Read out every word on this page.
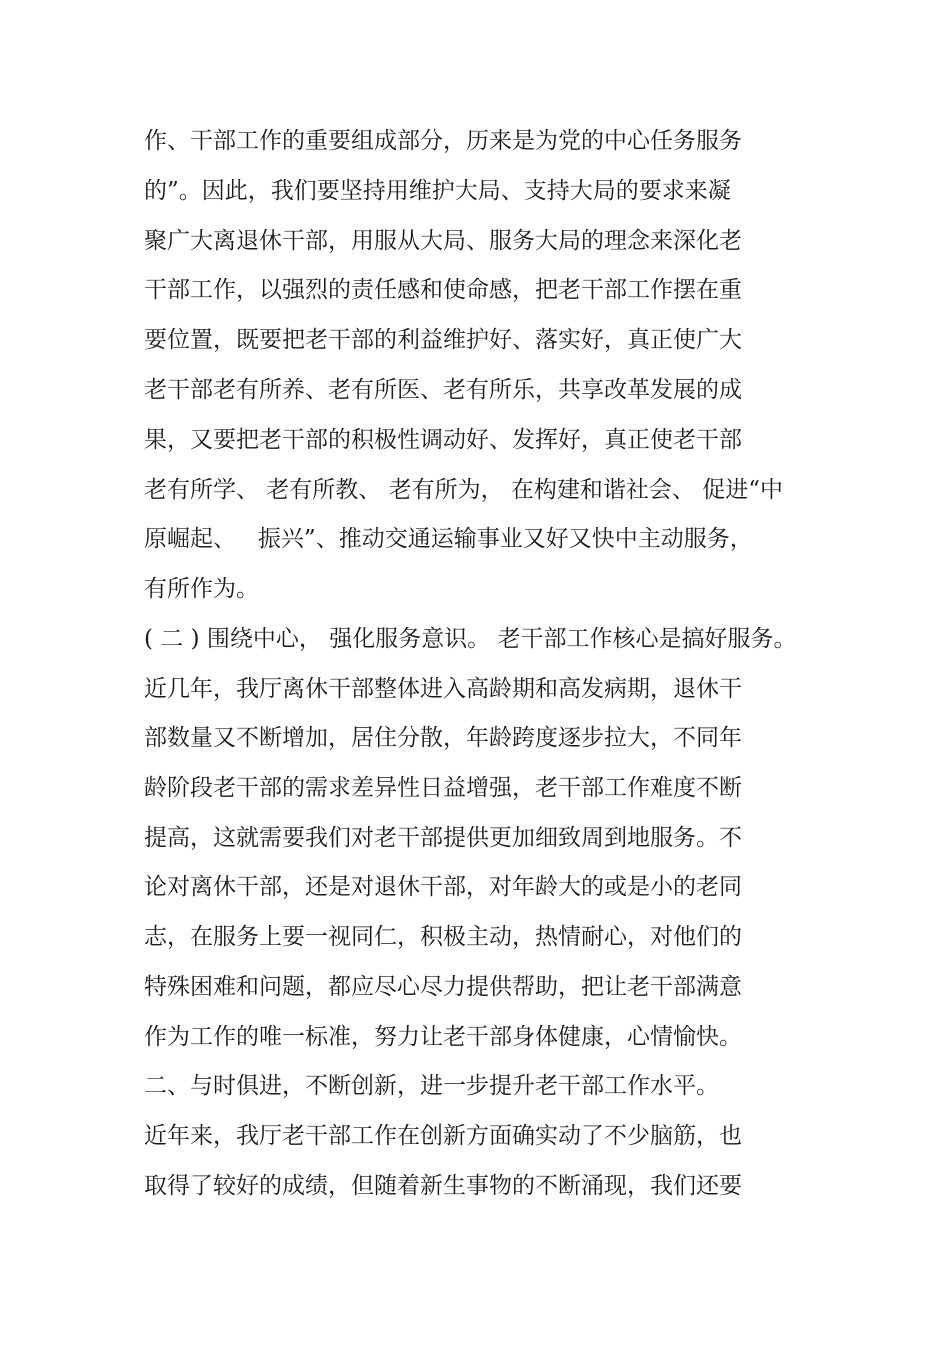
作、干部工作的重要组成部分，历来是为党的中心任务服务

的”。因此，我们要坚持用维护大局、支持大局的要求来凝

聚广大离退休干部，用服从大局、服务大局的理念来深化老

干部工作，以强烈的责任感和使命感，把老干部工作摆在重

要位置，既要把老干部的利益维护好、落实好，真正使广大

老干部老有所养、老有所医、老有所乐，共享改革发展的成

果，又要把老干部的积极性调动好、发挥好，真正使老干部

老有所学、 老有所教、 老有所为， 在构建和谐社会、 促进“中

原崛起、   振兴”、推动交通运输事业又好又快中主动服务，

有所作为。

( 二 ) 围绕中心， 强化服务意识。 老干部工作核心是搞好服务。

近几年，我厅离休干部整体进入高龄期和高发病期，退休干

部数量又不断增加，居住分散，年龄跨度逐步拉大，不同年

龄阶段老干部的需求差异性日益增强，老干部工作难度不断

提高，这就需要我们对老干部提供更加细致周到地服务。不

论对离休干部，还是对退休干部，对年龄大的或是小的老同

志，在服务上要一视同仁，积极主动，热情耐心，对他们的

特殊困难和问题，都应尽心尽力提供帮助，把让老干部满意

作为工作的唯一标准，努力让老干部身体健康，心情愉快。

二、与时俱进，不断创新，进一步提升老干部工作水平。

近年来，我厅老干部工作在创新方面确实动了不少脑筋，也

取得了较好的成绩，但随着新生事物的不断涌现，我们还要
